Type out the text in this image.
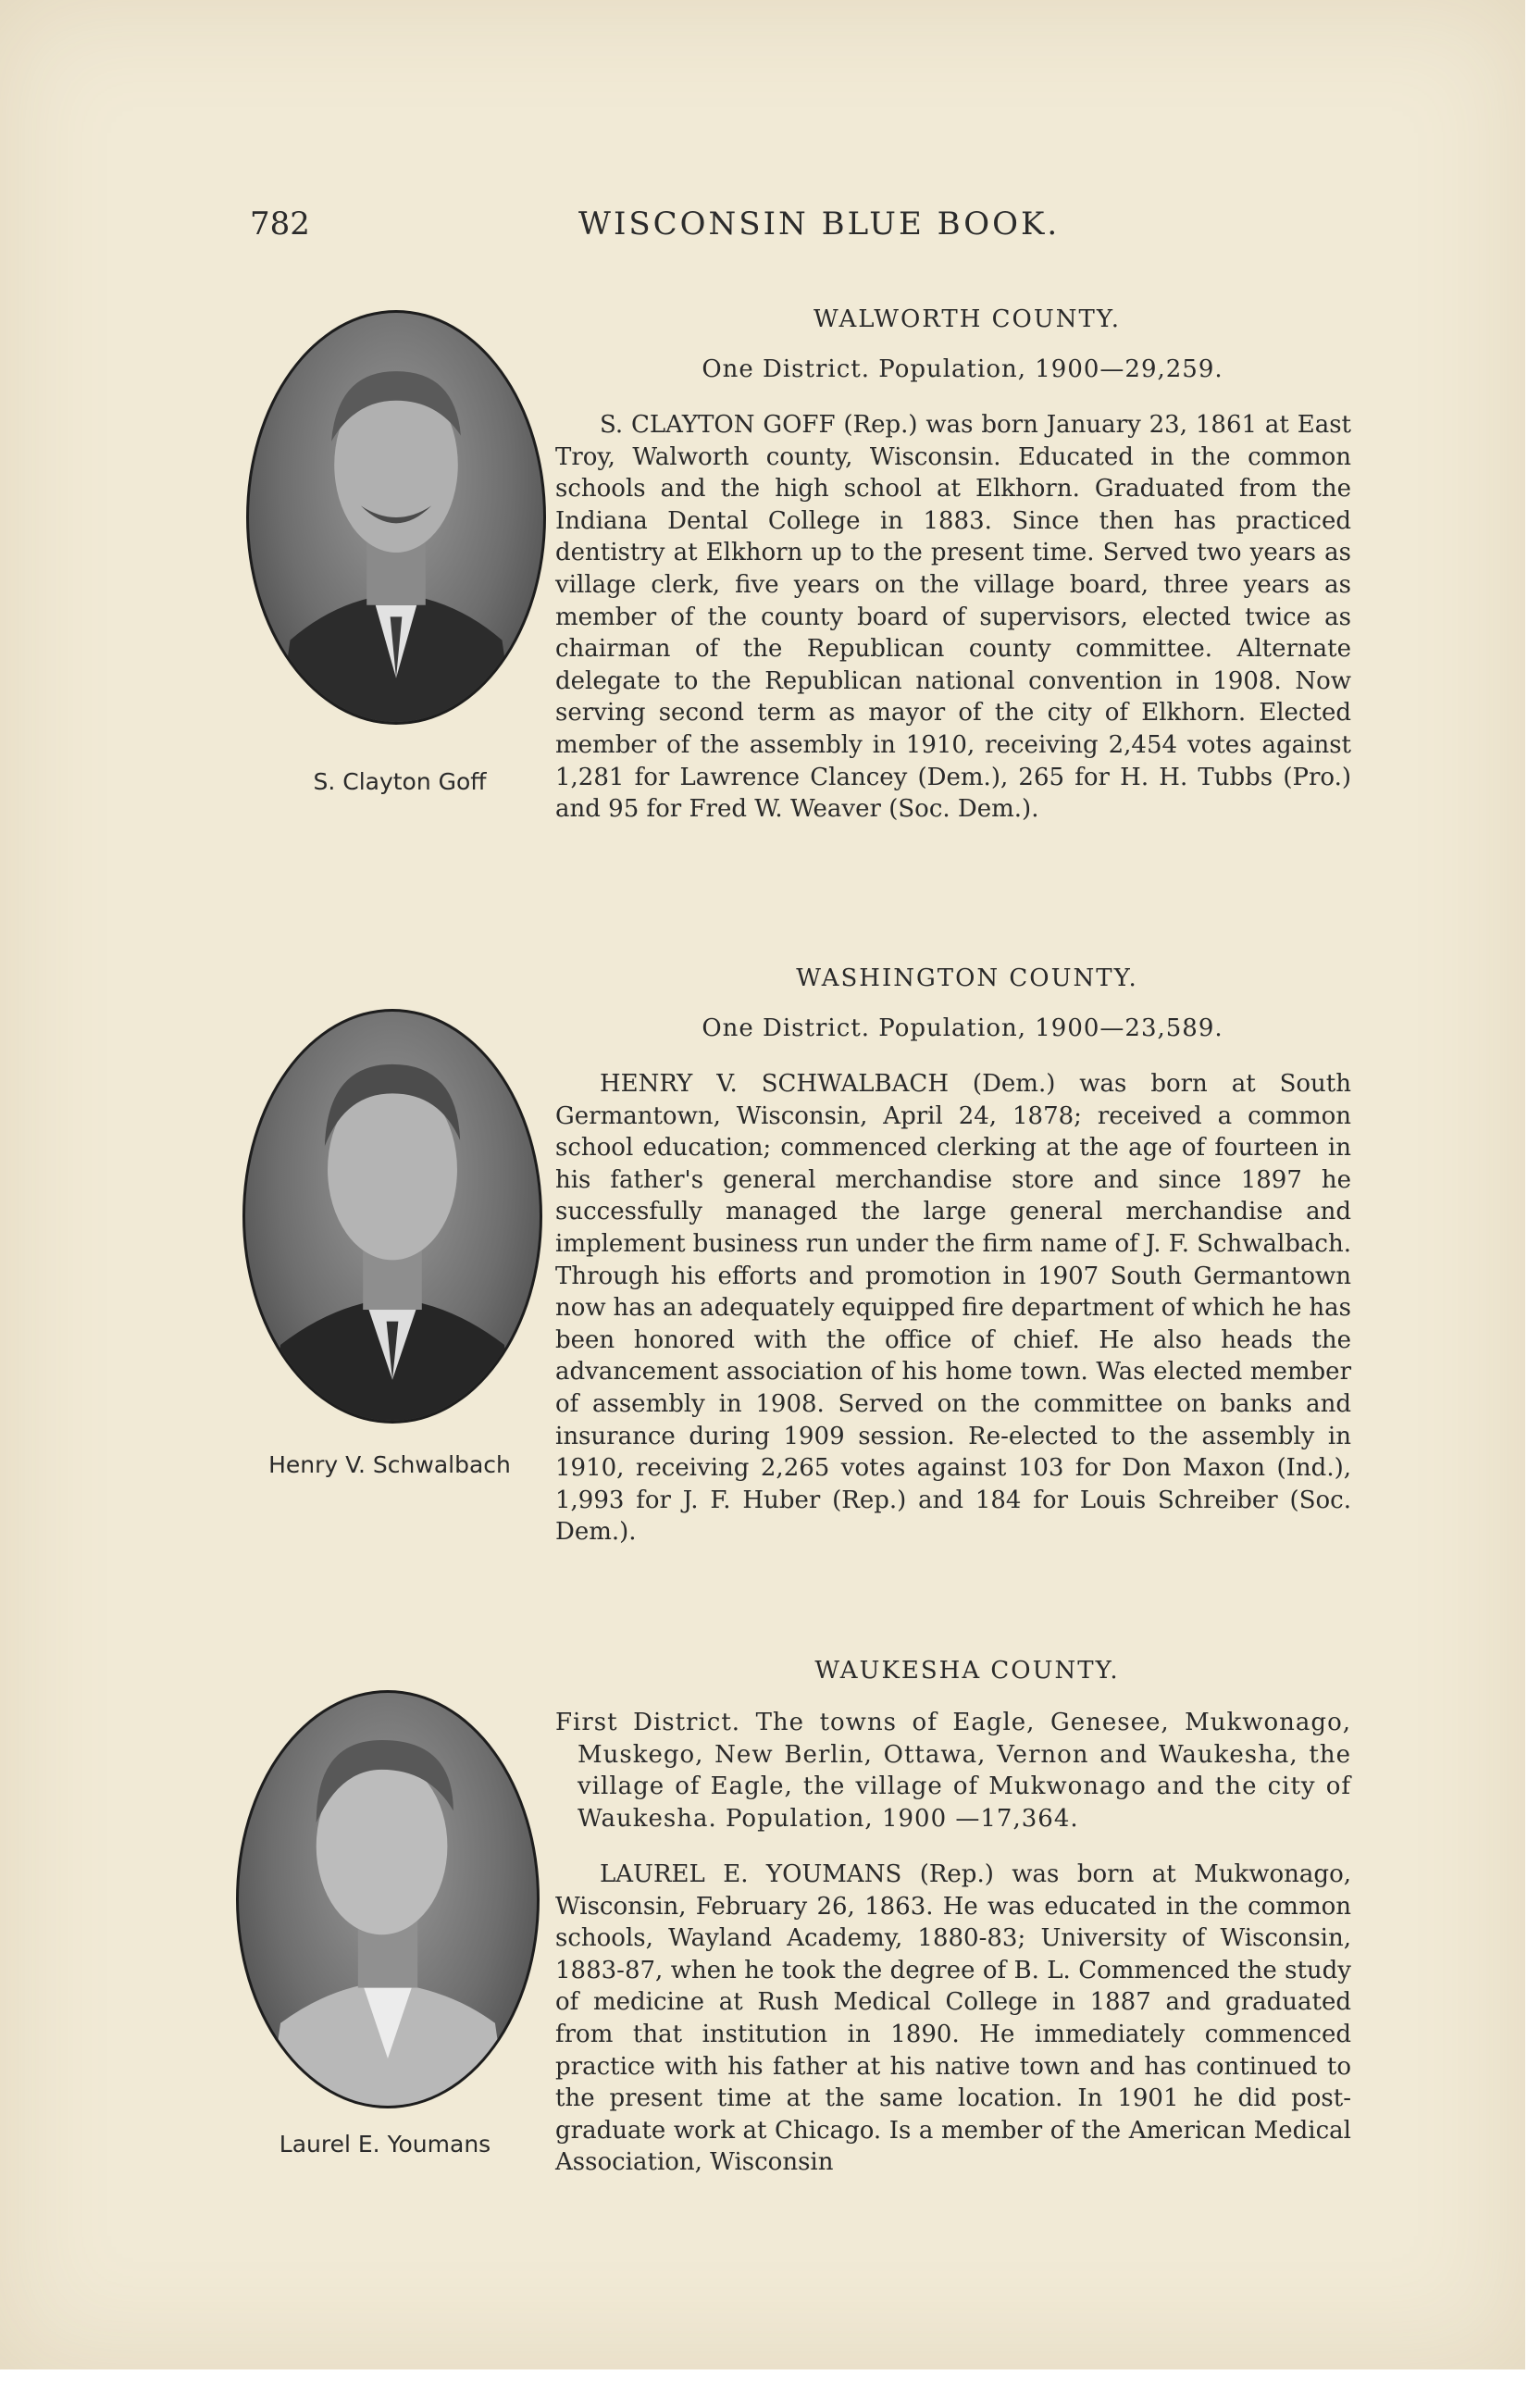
782	WISCONSIN BLUE BOOK.
S. Clayton Goff
WALWORTH COUNTY.
One District. Population, 1900—29,259.

S. CLAYTON GOFF (Rep.) was born January 23, 1861 at East Troy, Walworth county, Wisconsin. Educated in the common schools and the high school at Elkhorn. Graduated from the Indiana Dental College in 1883. Since then has practiced dentistry at Elkhorn up to the present time. Served two years as village clerk, five years on the village board, three years as member of the county board of supervisors, elected twice as chairman of the Republican county committee. Alternate delegate to the Republican national convention in 1908. Now serving second term as mayor of the city of Elkhorn. Elected member of the assembly in 1910, receiving 2,454 votes against 1,281 for Lawrence Clancey (Dem.), 265 for H. H. Tubbs (Pro.) and 95 for Fred W. Weaver (Soc. Dem.).

Henry V. Schwalbach
WASHINGTON COUNTY.
One District. Population, 1900—23,589.

HENRY V. SCHWALBACH (Dem.) was born at South Germantown, Wisconsin, April 24, 1878; received a common school education; commenced clerking at the age of fourteen in his father's general merchandise store and since 1897 he successfully managed the large general merchandise and implement business run under the firm name of J. F. Schwalbach. Through his efforts and promotion in 1907 South Germantown now has an adequately equipped fire department of which he has been honored with the office of chief. He also heads the advancement association of his home town. Was elected member of assembly in 1908. Served on the committee on banks and insurance during 1909 session. Re-elected to the assembly in 1910, receiving 2,265 votes against 103 for Don Maxon (Ind.), 1,993 for J. F. Huber (Rep.) and 184 for Louis Schreiber (Soc. Dem.).

Laurel E. Youmans
WAUKESHA COUNTY.

First District. The towns of Eagle, Genesee, Mukwonago, Muskego, New Berlin, Ottawa, Vernon and Waukesha, the village of Eagle, the village of Mukwonago and the city of Waukesha. Population, 1900 —17,364.

LAUREL E. YOUMANS (Rep.) was born at Mukwonago, Wisconsin, February 26, 1863. He was educated in the common schools, Wayland Academy, 1880-83; University of Wisconsin, 1883-87, when he took the degree of B. L. Commenced the study of medicine at Rush Medical College in 1887 and graduated from that institution in 1890. He immediately commenced practice with his father at his native town and has continued to the present time at the same location. In 1901 he did post-graduate work at Chicago. Is a member of the American Medical Association, Wisconsin
